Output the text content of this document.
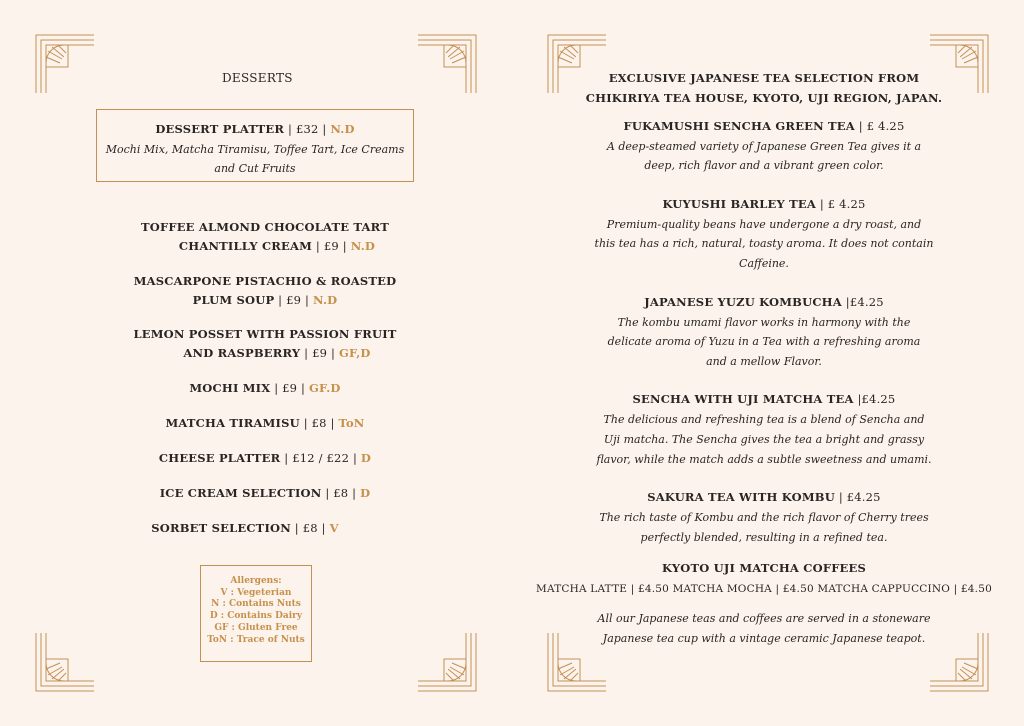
DESSERTS
DESSERT PLATTER | £32 | N.D
Mochi Mix, Matcha Tiramisu, Toffee Tart, Ice Creams
and Cut Fruits
TOFFEE ALMOND CHOCOLATE TART
CHANTILLY CREAM | £9 | N.D
MASCARPONE PISTACHIO & ROASTED
PLUM SOUP | £9 | N.D
LEMON POSSET WITH PASSION FRUIT
AND RASPBERRY | £9 | GF,D
MOCHI MIX | £9 | GF.D
MATCHA TIRAMISU | £8 | ToN
CHEESE PLATTER | £12 / £22 | D
ICE CREAM SELECTION | £8 | D
SORBET SELECTION | £8 | V
Allergens:
V : Vegeterian
N : Contains Nuts
D : Contains Dairy
GF : Gluten Free
ToN : Trace of Nuts
EXCLUSIVE JAPANESE TEA SELECTION FROM
CHIKIRIYA TEA HOUSE, KYOTO, UJI REGION, JAPAN.
FUKAMUSHI SENCHA GREEN TEA | £ 4.25
A deep-steamed variety of Japanese Green Tea gives it a
deep, rich flavor and a vibrant green color.
KUYUSHI BARLEY TEA | £ 4.25
Premium-quality beans have undergone a dry roast, and
this tea has a rich, natural, toasty aroma. It does not contain
Caffeine.
JAPANESE YUZU KOMBUCHA |£4.25
The kombu umami flavor works in harmony with the
delicate aroma of Yuzu in a Tea with a refreshing aroma
and a mellow Flavor.
SENCHA WITH UJI MATCHA TEA |£4.25
The delicious and refreshing tea is a blend of Sencha and
Uji matcha. The Sencha gives the tea a bright and grassy
flavor, while the match adds a subtle sweetness and umami.
SAKURA TEA WITH KOMBU | £4.25
The rich taste of Kombu and the rich flavor of Cherry trees
perfectly blended, resulting in a refined tea.
KYOTO UJI MATCHA COFFEES
MATCHA LATTE | £4.50 MATCHA MOCHA | £4.50 MATCHA CAPPUCCINO | £4.50
All our Japanese teas and coffees are served in a stoneware
Japanese tea cup with a vintage ceramic Japanese teapot.
